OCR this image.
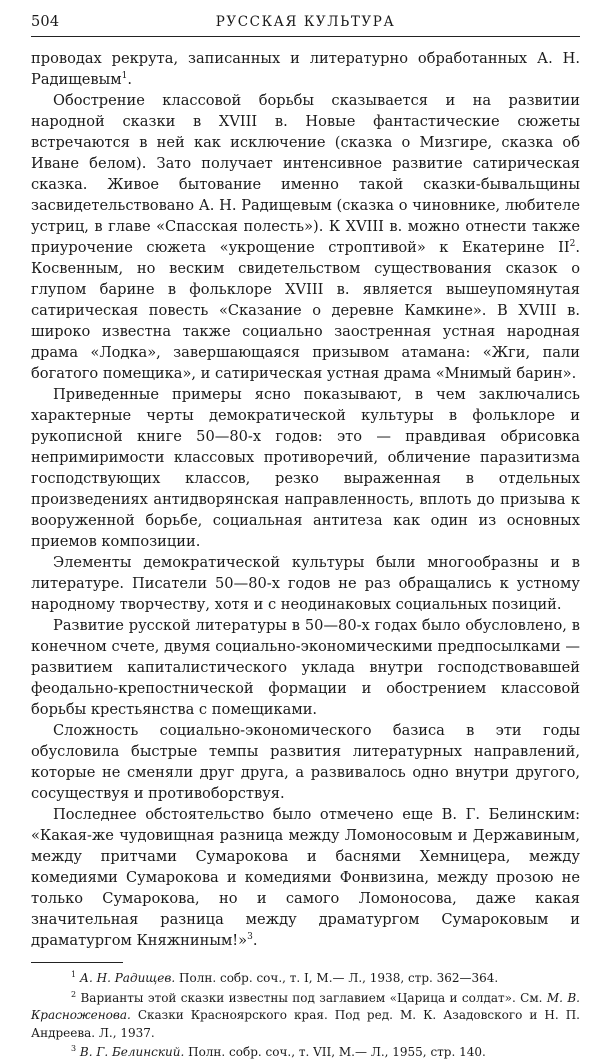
504	РУССКАЯ КУЛЬТУРА

проводах рекрута, записанных и литературно обработанных А. Н. Радищевым$^1$.

Обострение классовой борьбы сказывается и на развитии народной сказки в XVIII в. Новые фантастические сюжеты встречаются в ней как исключение (сказка о Мизгире, сказка об Иване белом). Зато получает интенсивное развитие сатирическая сказка. Живое бытование именно такой сказки-бывальщины засвидетельствовано А. Н. Радищевым (сказка о чиновнике, любителе устриц, в главе «Спасская полесть»). К XVIII в. можно отнести также приурочение сюжета «укрощение строптивой» к Екатерине II$^2$. Косвенным, но веским свидетельством существования сказок о глупом барине в фольклоре XVIII в. является вышеупомянутая сатирическая повесть «Сказание о деревне Камкине». В XVIII в. широко известна также социально заостренная устная народная драма «Лодка», завершающаяся призывом атамана: «Жги, пали богатого помещика», и сатирическая устная драма «Мнимый барин».

Приведенные примеры ясно показывают, в чем заключались характерные черты демократической культуры в фольклоре и рукописной книге 50—80-х годов: это — правдивая обрисовка непримиримости классовых противоречий, обличение паразитизма господствующих классов, резко выраженная в отдельных произведениях антидворянская направленность, вплоть до призыва к вооруженной борьбе, социальная антитеза как один из основных приемов композиции.

Элементы демократической культуры были многообразны и в литературе. Писатели 50—80-х годов не раз обращались к устному народному творчеству, хотя и с неодинаковых социальных позиций.

Развитие русской литературы в 50—80-х годах было обусловлено, в конечном счете, двумя социально-экономическими предпосылками — развитием капиталистического уклада внутри господствовавшей феодально-крепостнической формации и обострением классовой борьбы крестьянства с помещиками.

Сложность социально-экономического базиса в эти годы обусловила быстрые темпы развития литературных направлений, которые не сменяли друг друга, а развивалось одно внутри другого, сосуществуя и противоборствуя.

Последнее обстоятельство было отмечено еще В. Г. Белинским: «Какая-же чудовищная разница между Ломоносовым и Державиным, между притчами Сумарокова и баснями Хемницера, между комедиями Сумарокова и комедиями Фонвизина, между прозою не только Сумарокова, но и самого Ломоносова, даже какая значительная разница между драматургом Сумароковым и драматургом Княжниным!»$^3$.

$^1$ А. Н. Радищев. Полн. собр. соч., т. I, М.— Л., 1938, стр. 362—364.

$^2$ Варианты этой сказки известны под заглавием «Царица и солдат». См. М. В. Красноженова. Сказки Красноярского края. Под ред. М. К. Азадовского и Н. П. Андреева. Л., 1937.

$^3$ В. Г. Белинский. Полн. собр. соч., т. VII, М.— Л., 1955, стр. 140.
